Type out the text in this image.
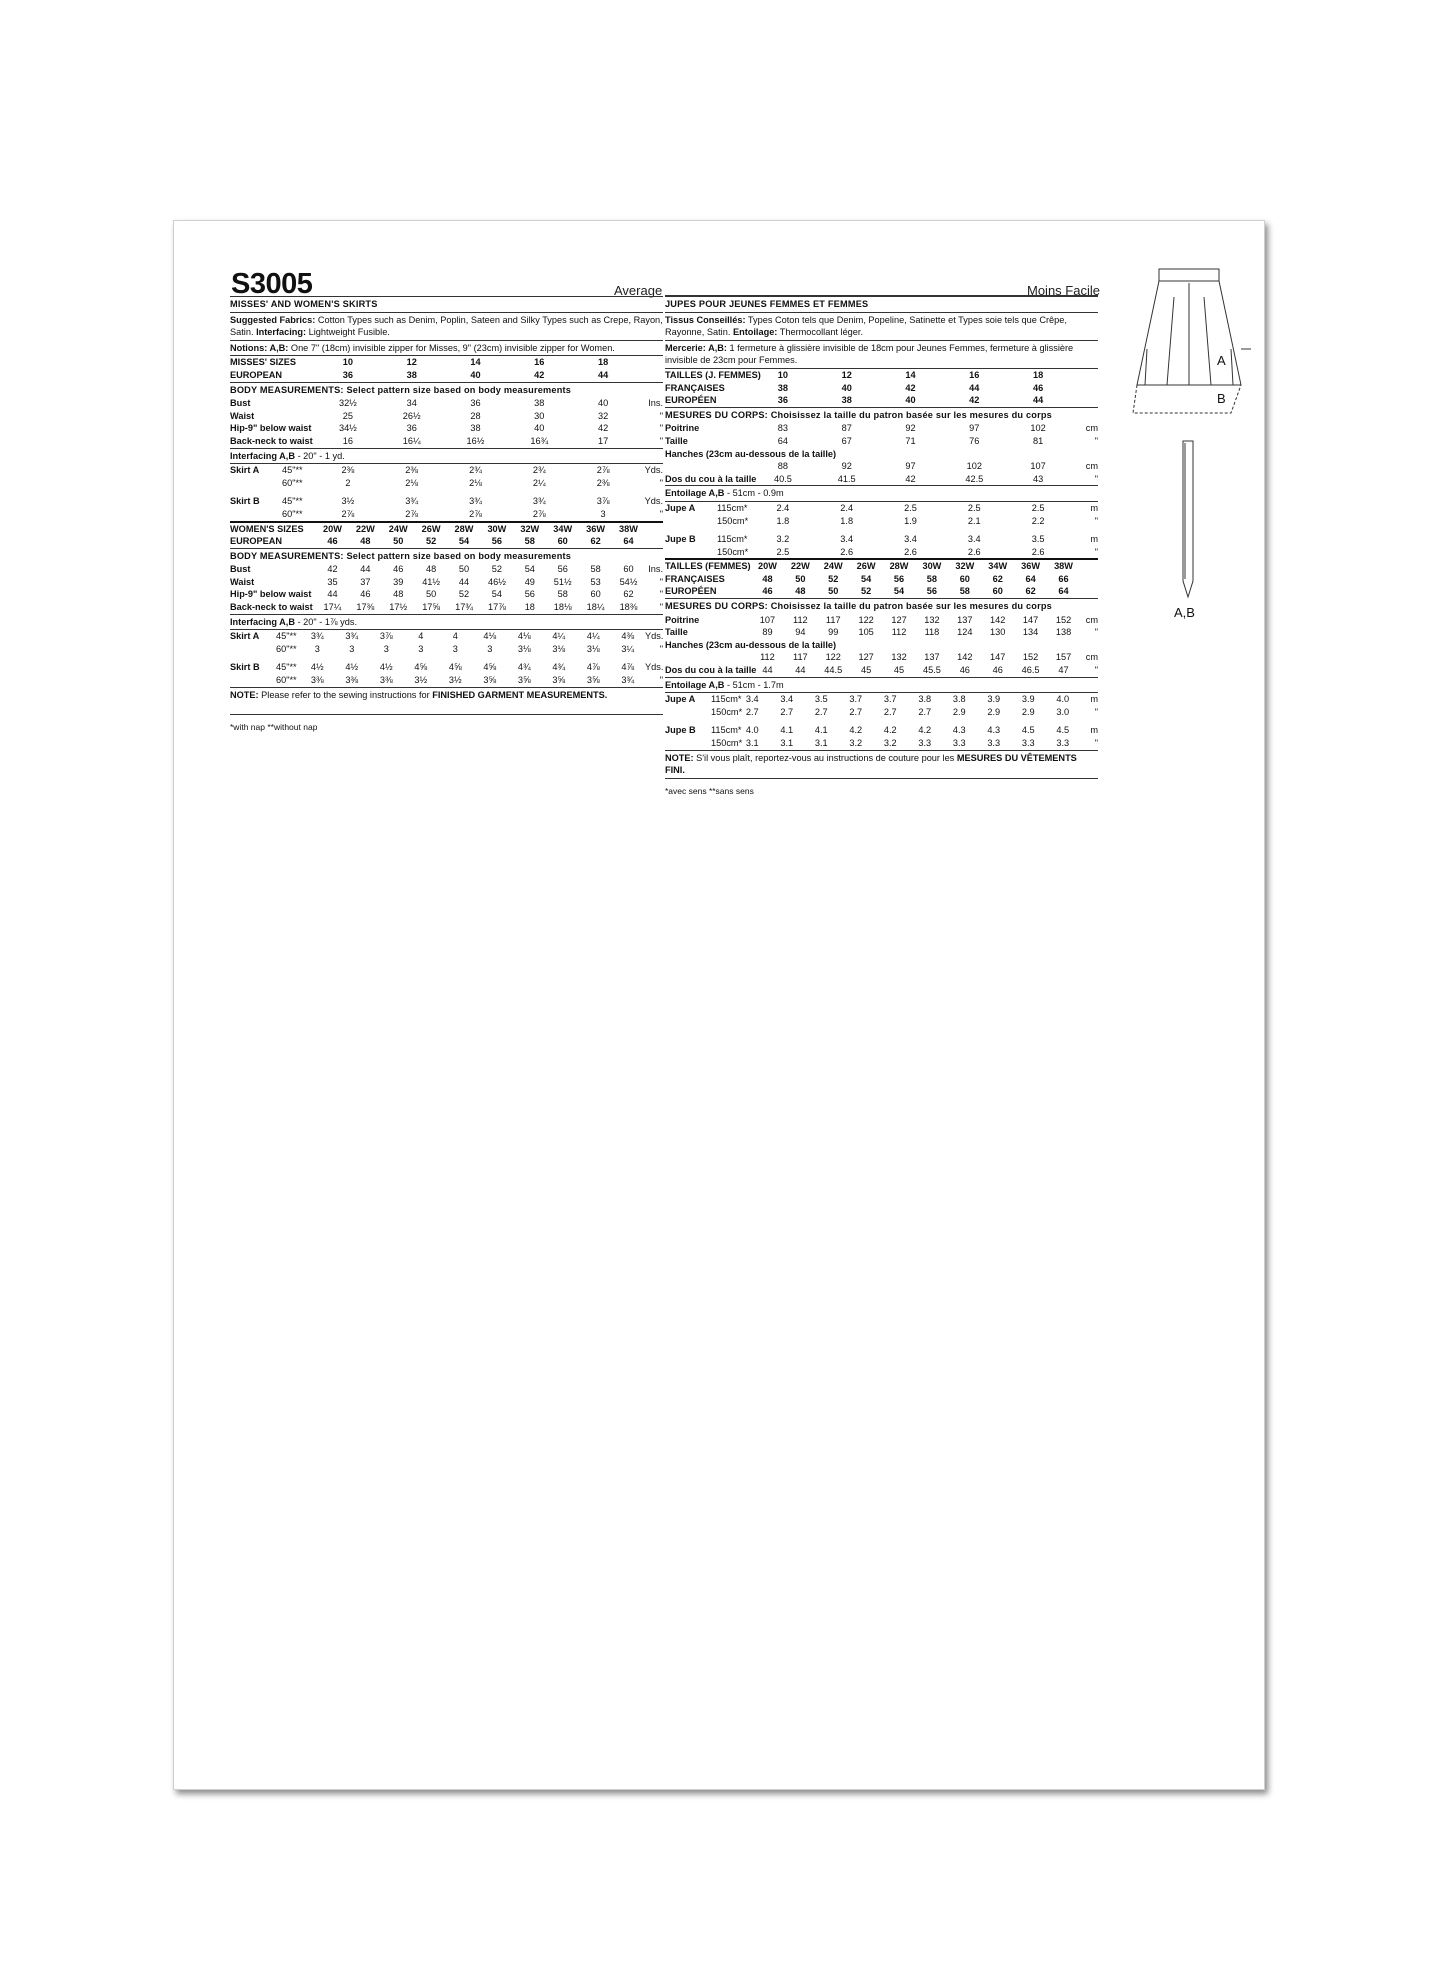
S3005	Average	Moins Facile
MISSES' AND WOMEN'S SKIRTS
Suggested Fabrics: Cotton Types such as Denim, Poplin, Sateen and Silky Types such as Crepe, Rayon, Satin. Interfacing: Lightweight Fusible.
Notions: A,B: One 7" (18cm) invisible zipper for Misses, 9" (23cm) invisible zipper for Women.
MISSES' SIZES	10	12	14	16	18	
EUROPEAN	36	38	40	42	44	
BODY MEASUREMENTS: Select pattern size based on body measurements
Bust	32½	34	36	38	40	Ins.
Waist	25	26½	28	30	32	"
Hip-9" below waist	34½	36	38	40	42	"
Back-neck to waist	16	16¼	16½	16¾	17	"
Interfacing A,B - 20" - 1 yd.
Skirt A	45"**	2⅜	2⅜	2¾	2¾	2⅞	Yds.
	60"**	2	2⅛	2⅛	2¼	2⅜	"

Skirt B	45"**	3½	3¾	3¾	3¾	3⅞	Yds.
	60"**	2⅞	2⅞	2⅞	2⅞	3	"
WOMEN'S SIZES	20W	22W	24W	26W	28W	30W	32W	34W	36W	38W	
EUROPEAN	46	48	50	52	54	56	58	60	62	64	
BODY MEASUREMENTS: Select pattern size based on body measurements
Bust	42	44	46	48	50	52	54	56	58	60	Ins.
Waist	35	37	39	41½	44	46½	49	51½	53	54½	"
Hip-9" below waist	44	46	48	50	52	54	56	58	60	62	"
Back-neck to waist	17¼	17⅜	17½	17⅝	17¾	17⅞	18	18⅛	18¼	18⅜	"
Interfacing A,B - 20" - 1⅞ yds.
Skirt A	45"**	3¾	3¾	3⅞	4	4	4⅛	4⅛	4¼	4¼	4⅜	Yds.
	60"**	3	3	3	3	3	3	3⅛	3⅛	3⅛	3¼	"

Skirt B	45"**	4½	4½	4½	4⅝	4⅝	4⅝	4¾	4¾	4⅞	4⅞	Yds.
	60"**	3⅜	3⅜	3⅜	3½	3½	3⅝	3⅝	3⅝	3⅝	3¾	"
NOTE: Please refer to the sewing instructions for FINISHED GARMENT MEASUREMENTS.
*with nap **without nap
JUPES POUR JEUNES FEMMES ET FEMMES
Tissus Conseillés: Types Coton tels que Denim, Popeline, Satinette et Types soie tels que Crêpe, Rayonne, Satin. Entoilage: Thermocollant léger.
Mercerie: A,B: 1 fermeture à glissière invisible de 18cm pour Jeunes Femmes, fermeture à glissière invisible de 23cm pour Femmes.
TAILLES (J. FEMMES)	10	12	14	16	18	
FRANÇAISES	38	40	42	44	46	
EUROPÉEN	36	38	40	42	44	
MESURES DU CORPS: Choisissez la taille du patron basée sur les mesures du corps
Poitrine	83	87	92	97	102	cm
Taille	64	67	71	76	81	"
Hanches (23cm au-dessous de la taille)						
	88	92	97	102	107	cm
Dos du cou à la taille	40.5	41.5	42	42.5	43	"
Entoilage A,B - 51cm - 0.9m
Jupe A	115cm*	2.4	2.4	2.5	2.5	2.5	m
	150cm*	1.8	1.8	1.9	2.1	2.2	"

Jupe B	115cm*	3.2	3.4	3.4	3.4	3.5	m
	150cm*	2.5	2.6	2.6	2.6	2.6	"
TAILLES (FEMMES)	20W	22W	24W	26W	28W	30W	32W	34W	36W	38W	
FRANÇAISES	48	50	52	54	56	58	60	62	64	66	
EUROPÉEN	46	48	50	52	54	56	58	60	62	64	
MESURES DU CORPS: Choisissez la taille du patron basée sur les mesures du corps
Poitrine	107	112	117	122	127	132	137	142	147	152	cm
Taille	89	94	99	105	112	118	124	130	134	138	"
Hanches (23cm au-dessous de la taille)											
	112	117	122	127	132	137	142	147	152	157	cm
Dos du cou à la taille	44	44	44.5	45	45	45.5	46	46	46.5	47	"
Entoilage A,B - 51cm - 1.7m
Jupe A	115cm*	3.4	3.4	3.5	3.7	3.7	3.8	3.8	3.9	3.9	4.0	m
	150cm*	2.7	2.7	2.7	2.7	2.7	2.7	2.9	2.9	2.9	3.0	"

Jupe B	115cm*	4.0	4.1	4.1	4.2	4.2	4.2	4.3	4.3	4.5	4.5	m
	150cm*	3.1	3.1	3.1	3.2	3.2	3.3	3.3	3.3	3.3	3.3	"
NOTE: S'il vous plaît, reportez-vous au instructions de couture pour les MESURES DU VÊTEMENTS FINI.
*avec sens **sans sens
A
B
A,B
